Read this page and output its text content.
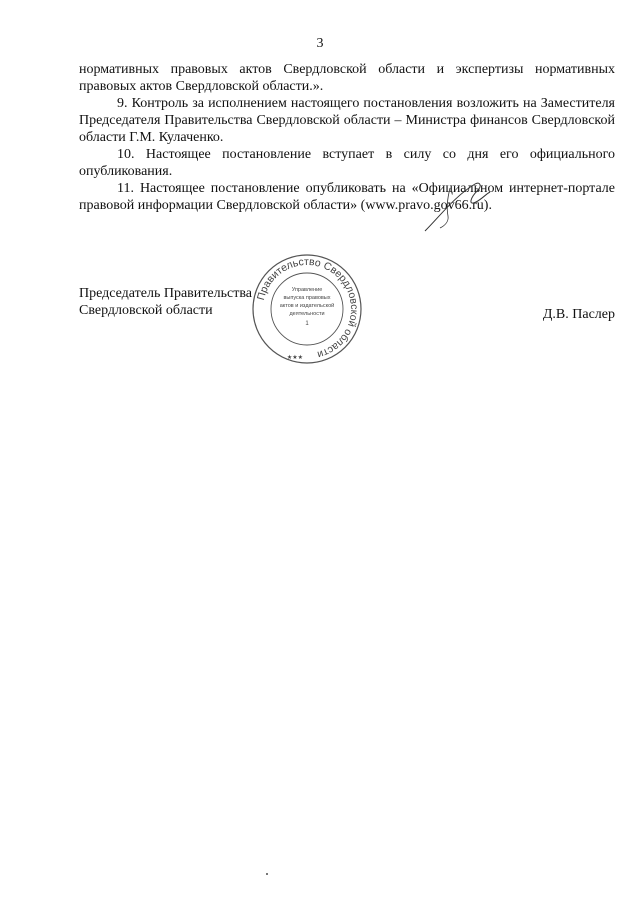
3

нормативных правовых актов Свердловской области и экспертизы нормативных правовых актов Свердловской области.».

9. Контроль за исполнением настоящего постановления возложить на Заместителя Председателя Правительства Свердловской области – Министра финансов Свердловской области Г.М. Кулаченко.

10. Настоящее постановление вступает в силу со дня его официального опубликования.

11. Настоящее постановление опубликовать на «Официальном интернет-портале правовой информации Свердловской области» (www.pravo.gov66.ru).

Председатель Правительства
Свердловской области	Д.В. Паслер
Правительство Свердловской области
Управление
выпуска правовых
актов и издательской
деятельности
1
★★★
